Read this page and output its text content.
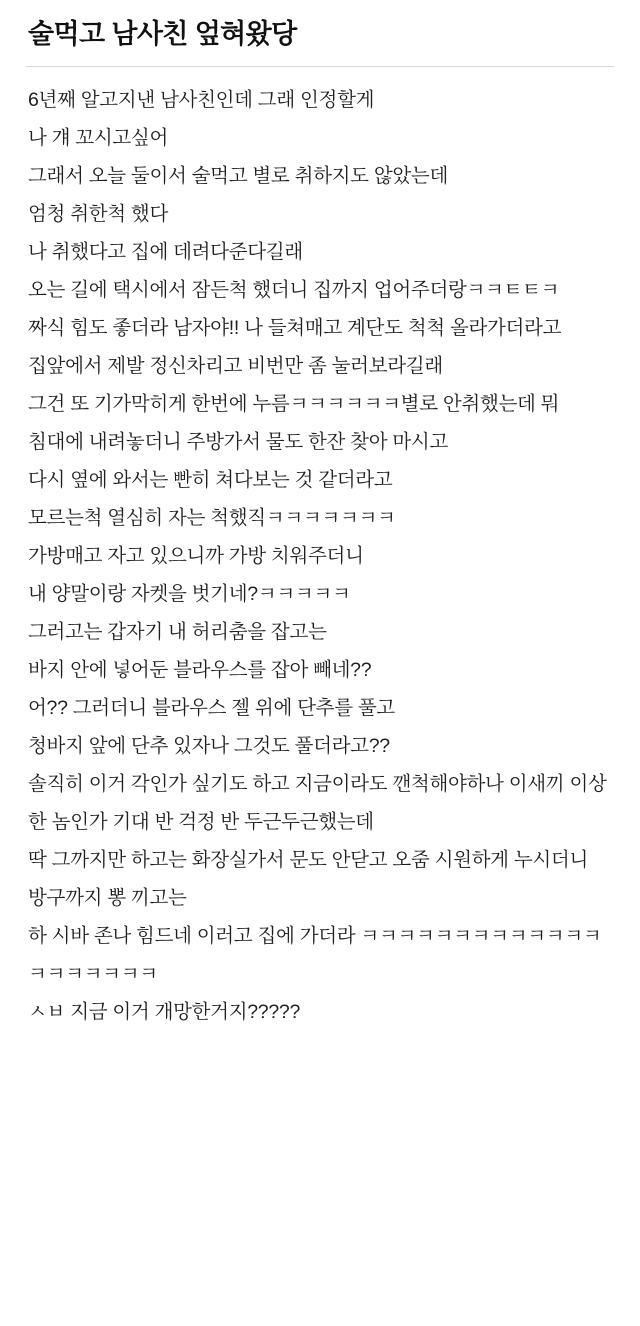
술먹고 남사친 엎혀왔당

6년째 알고지낸 남사친인데 그래 인정할게

나 걔 꼬시고싶어

그래서 오늘 둘이서 술먹고 별로 취하지도 않았는데

엄청 취한척 했다

나 취했다고 집에 데려다준다길래

오는 길에 택시에서 잠든척 했더니 집까지 업어주더랑ㅋㅋㅌㅌㅋ

짜식 힘도 좋더라 남자야!! 나 들쳐매고 계단도 척척 올라가더라고

집앞에서 제발 정신차리고 비번만 좀 눌러보라길래

그건 또 기가막히게 한번에 누름ㅋㅋㅋㅋㅋㅋ별로 안취했는데 뭐

침대에 내려놓더니 주방가서 물도 한잔 찾아 마시고

다시 옆에 와서는 빤히 쳐다보는 것 같더라고

모르는척 열심히 자는 척했직ㅋㅋㅋㅋㅋㅋㅋ

가방매고 자고 있으니까 가방 치워주더니

내 양말이랑 자켓을 벗기네?ㅋㅋㅋㅋㅋ

그러고는 갑자기 내 허리춤을 잡고는

바지 안에 넣어둔 블라우스를 잡아 빼네??

어?? 그러더니 블라우스 젤 위에 단추를 풀고

청바지 앞에 단추 있자나 그것도 풀더라고??

솔직히 이거 각인가 싶기도 하고 지금이라도 깬척해야하나 이새끼 이상한 놈인가 기대 반 걱정 반 두근두근했는데

딱 그까지만 하고는 화장실가서 문도 안닫고 오줌 시원하게 누시더니

방구까지 뽕 끼고는

하 시바 존나 힘드네 이러고 집에 가더라 ㅋㅋㅋㅋㅋㅋㅋㅋㅋㅋㅋㅋㅋㅋㅋㅋㅋㅋㅋㅋ

ㅅㅂ 지금 이거 개망한거지?????
